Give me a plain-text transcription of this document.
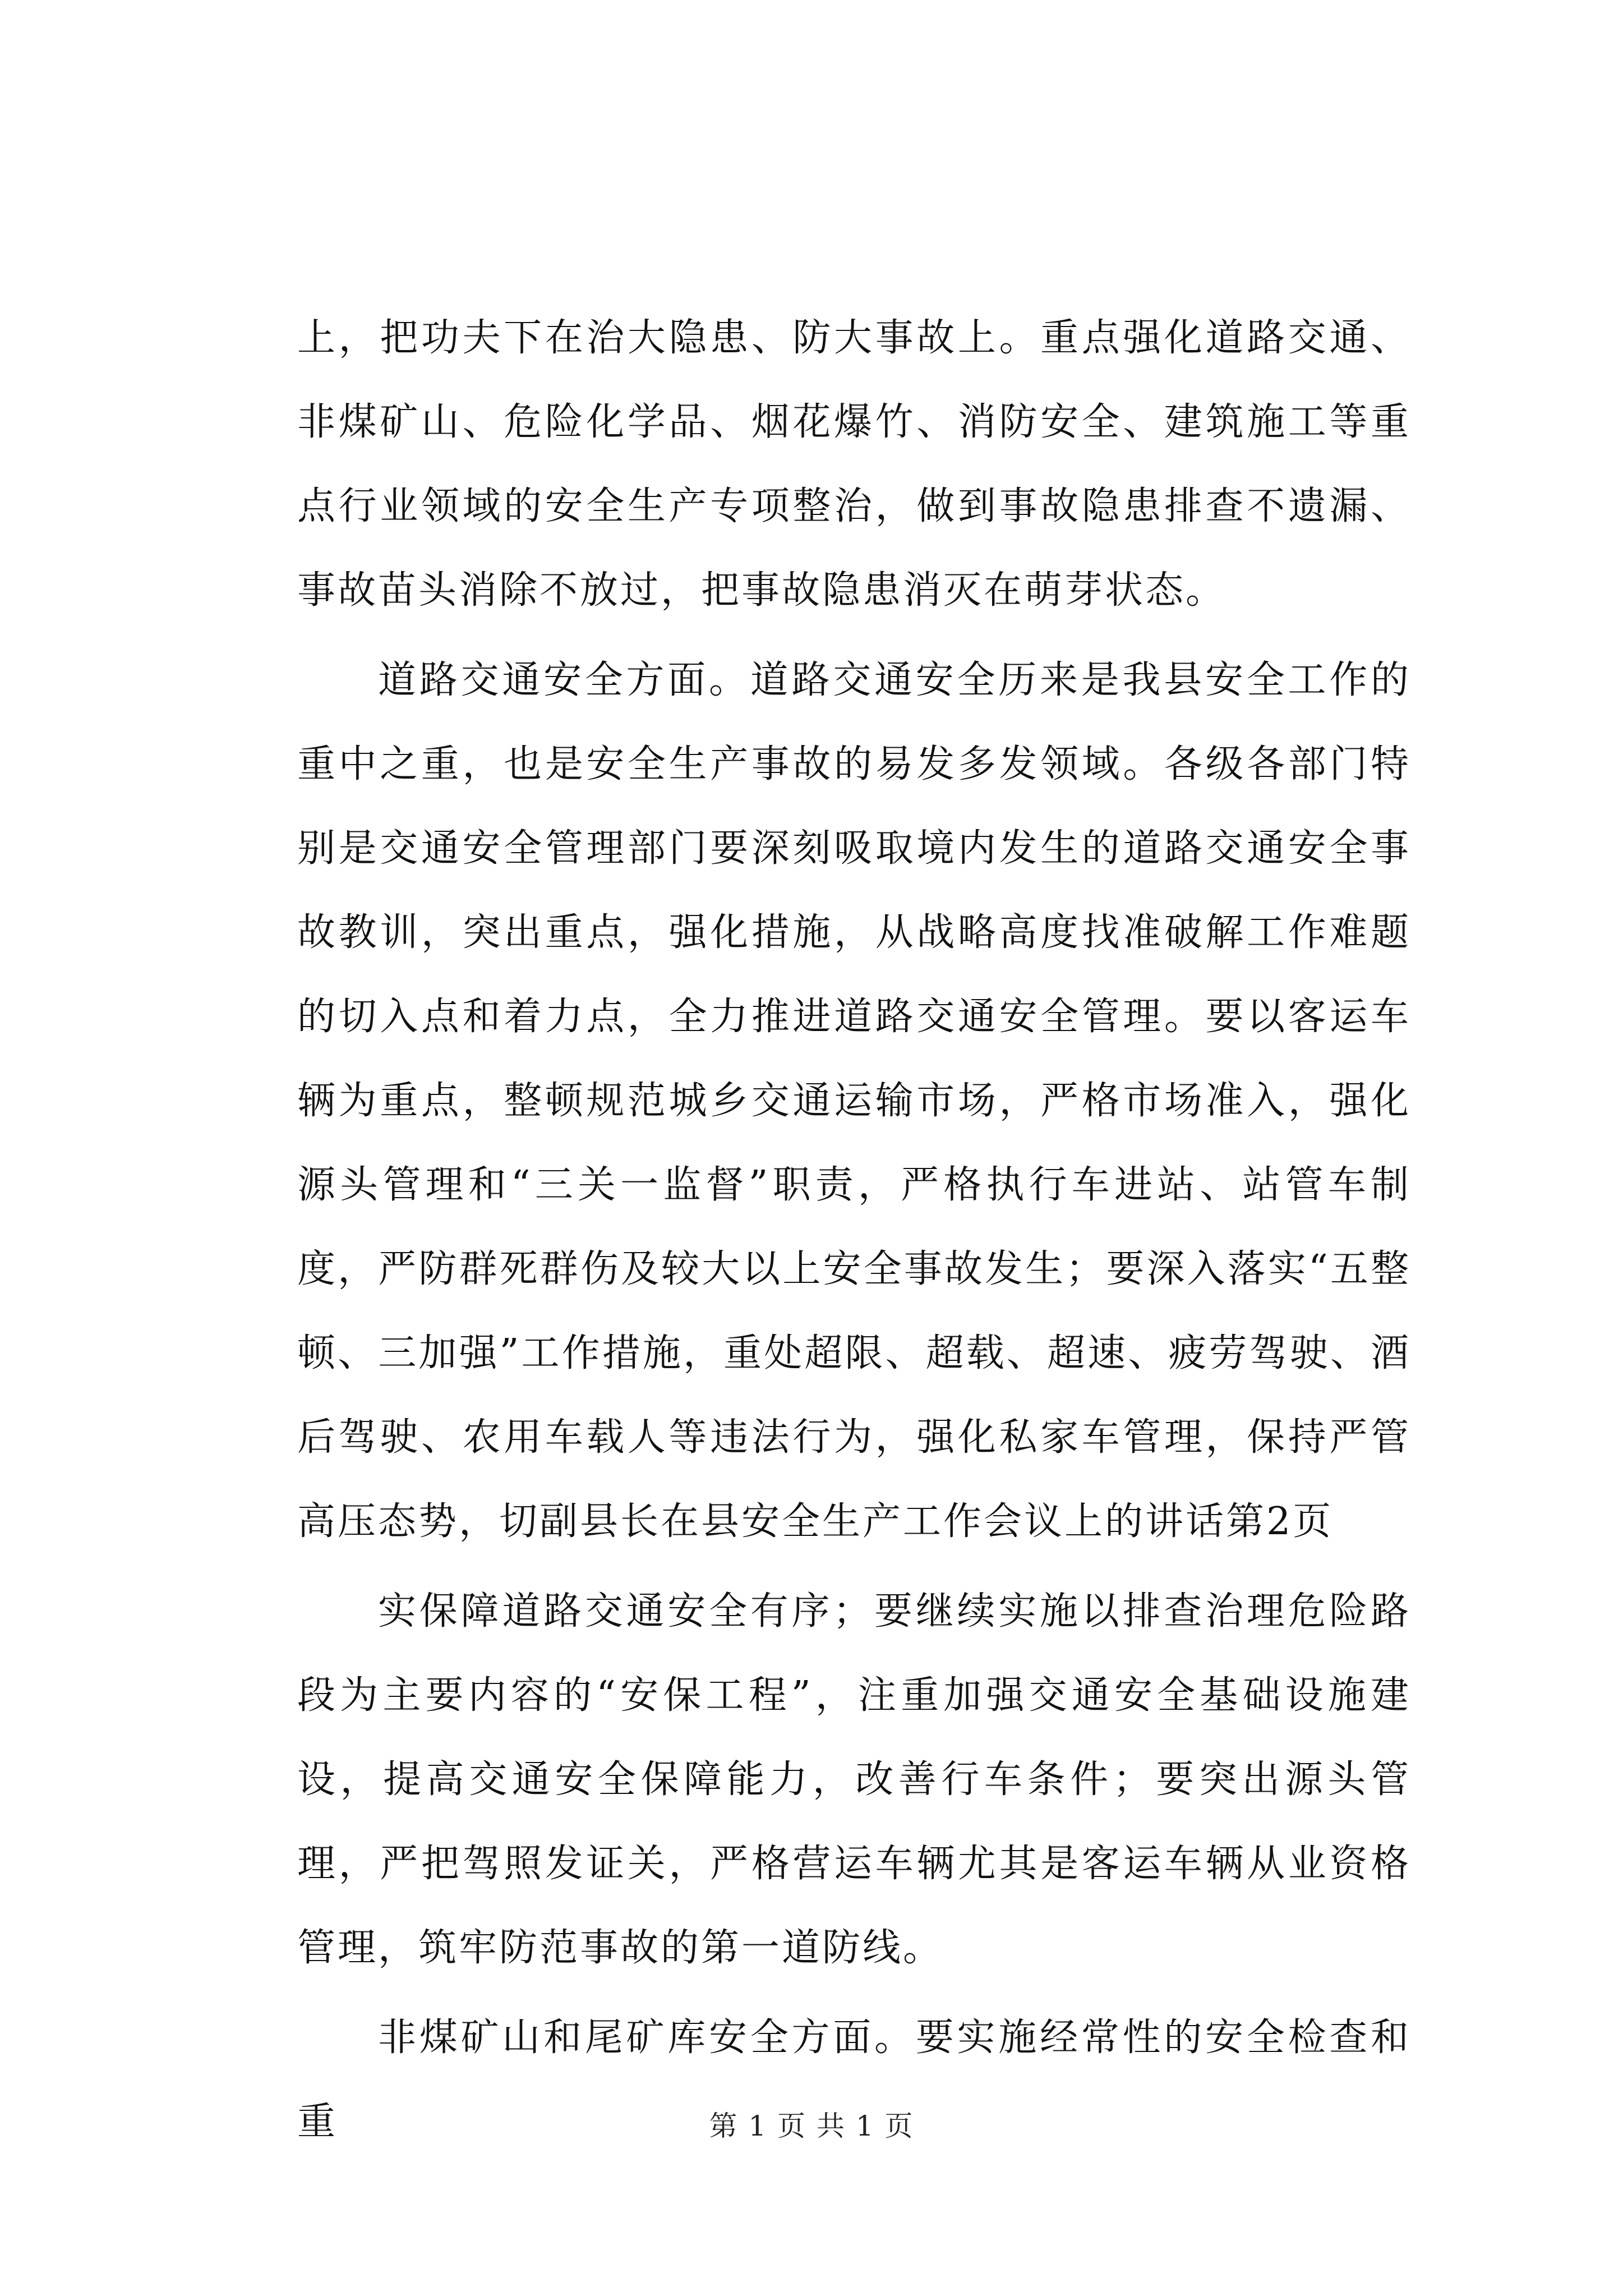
上，把功夫下在治大隐患、防大事故上。重点强化道路交通、非煤矿山、危险化学品、烟花爆竹、消防安全、建筑施工等重点行业领域的安全生产专项整治，做到事故隐患排查不遗漏、事故苗头消除不放过，把事故隐患消灭在萌芽状态。

道路交通安全方面。道路交通安全历来是我县安全工作的重中之重，也是安全生产事故的易发多发领域。各级各部门特别是交通安全管理部门要深刻吸取境内发生的道路交通安全事故教训，突出重点，强化措施，从战略高度找准破解工作难题的切入点和着力点，全力推进道路交通安全管理。要以客运车辆为重点，整顿规范城乡交通运输市场，严格市场准入，强化源头管理和“三关一监督”职责，严格执行车进站、站管车制度，严防群死群伤及较大以上安全事故发生；要深入落实“五整顿、三加强”工作措施，重处超限、超载、超速、疲劳驾驶、酒后驾驶、农用车载人等违法行为，强化私家车管理，保持严管高压态势，切副县长在县安全生产工作会议上的讲话第2页

实保障道路交通安全有序；要继续实施以排查治理危险路段为主要内容的“安保工程”，注重加强交通安全基础设施建设，提高交通安全保障能力，改善行车条件；要突出源头管理，严把驾照发证关，严格营运车辆尤其是客运车辆从业资格管理，筑牢防范事故的第一道防线。

非煤矿山和尾矿库安全方面。要实施经常性的安全检查和重	第 1 页 共 1 页
